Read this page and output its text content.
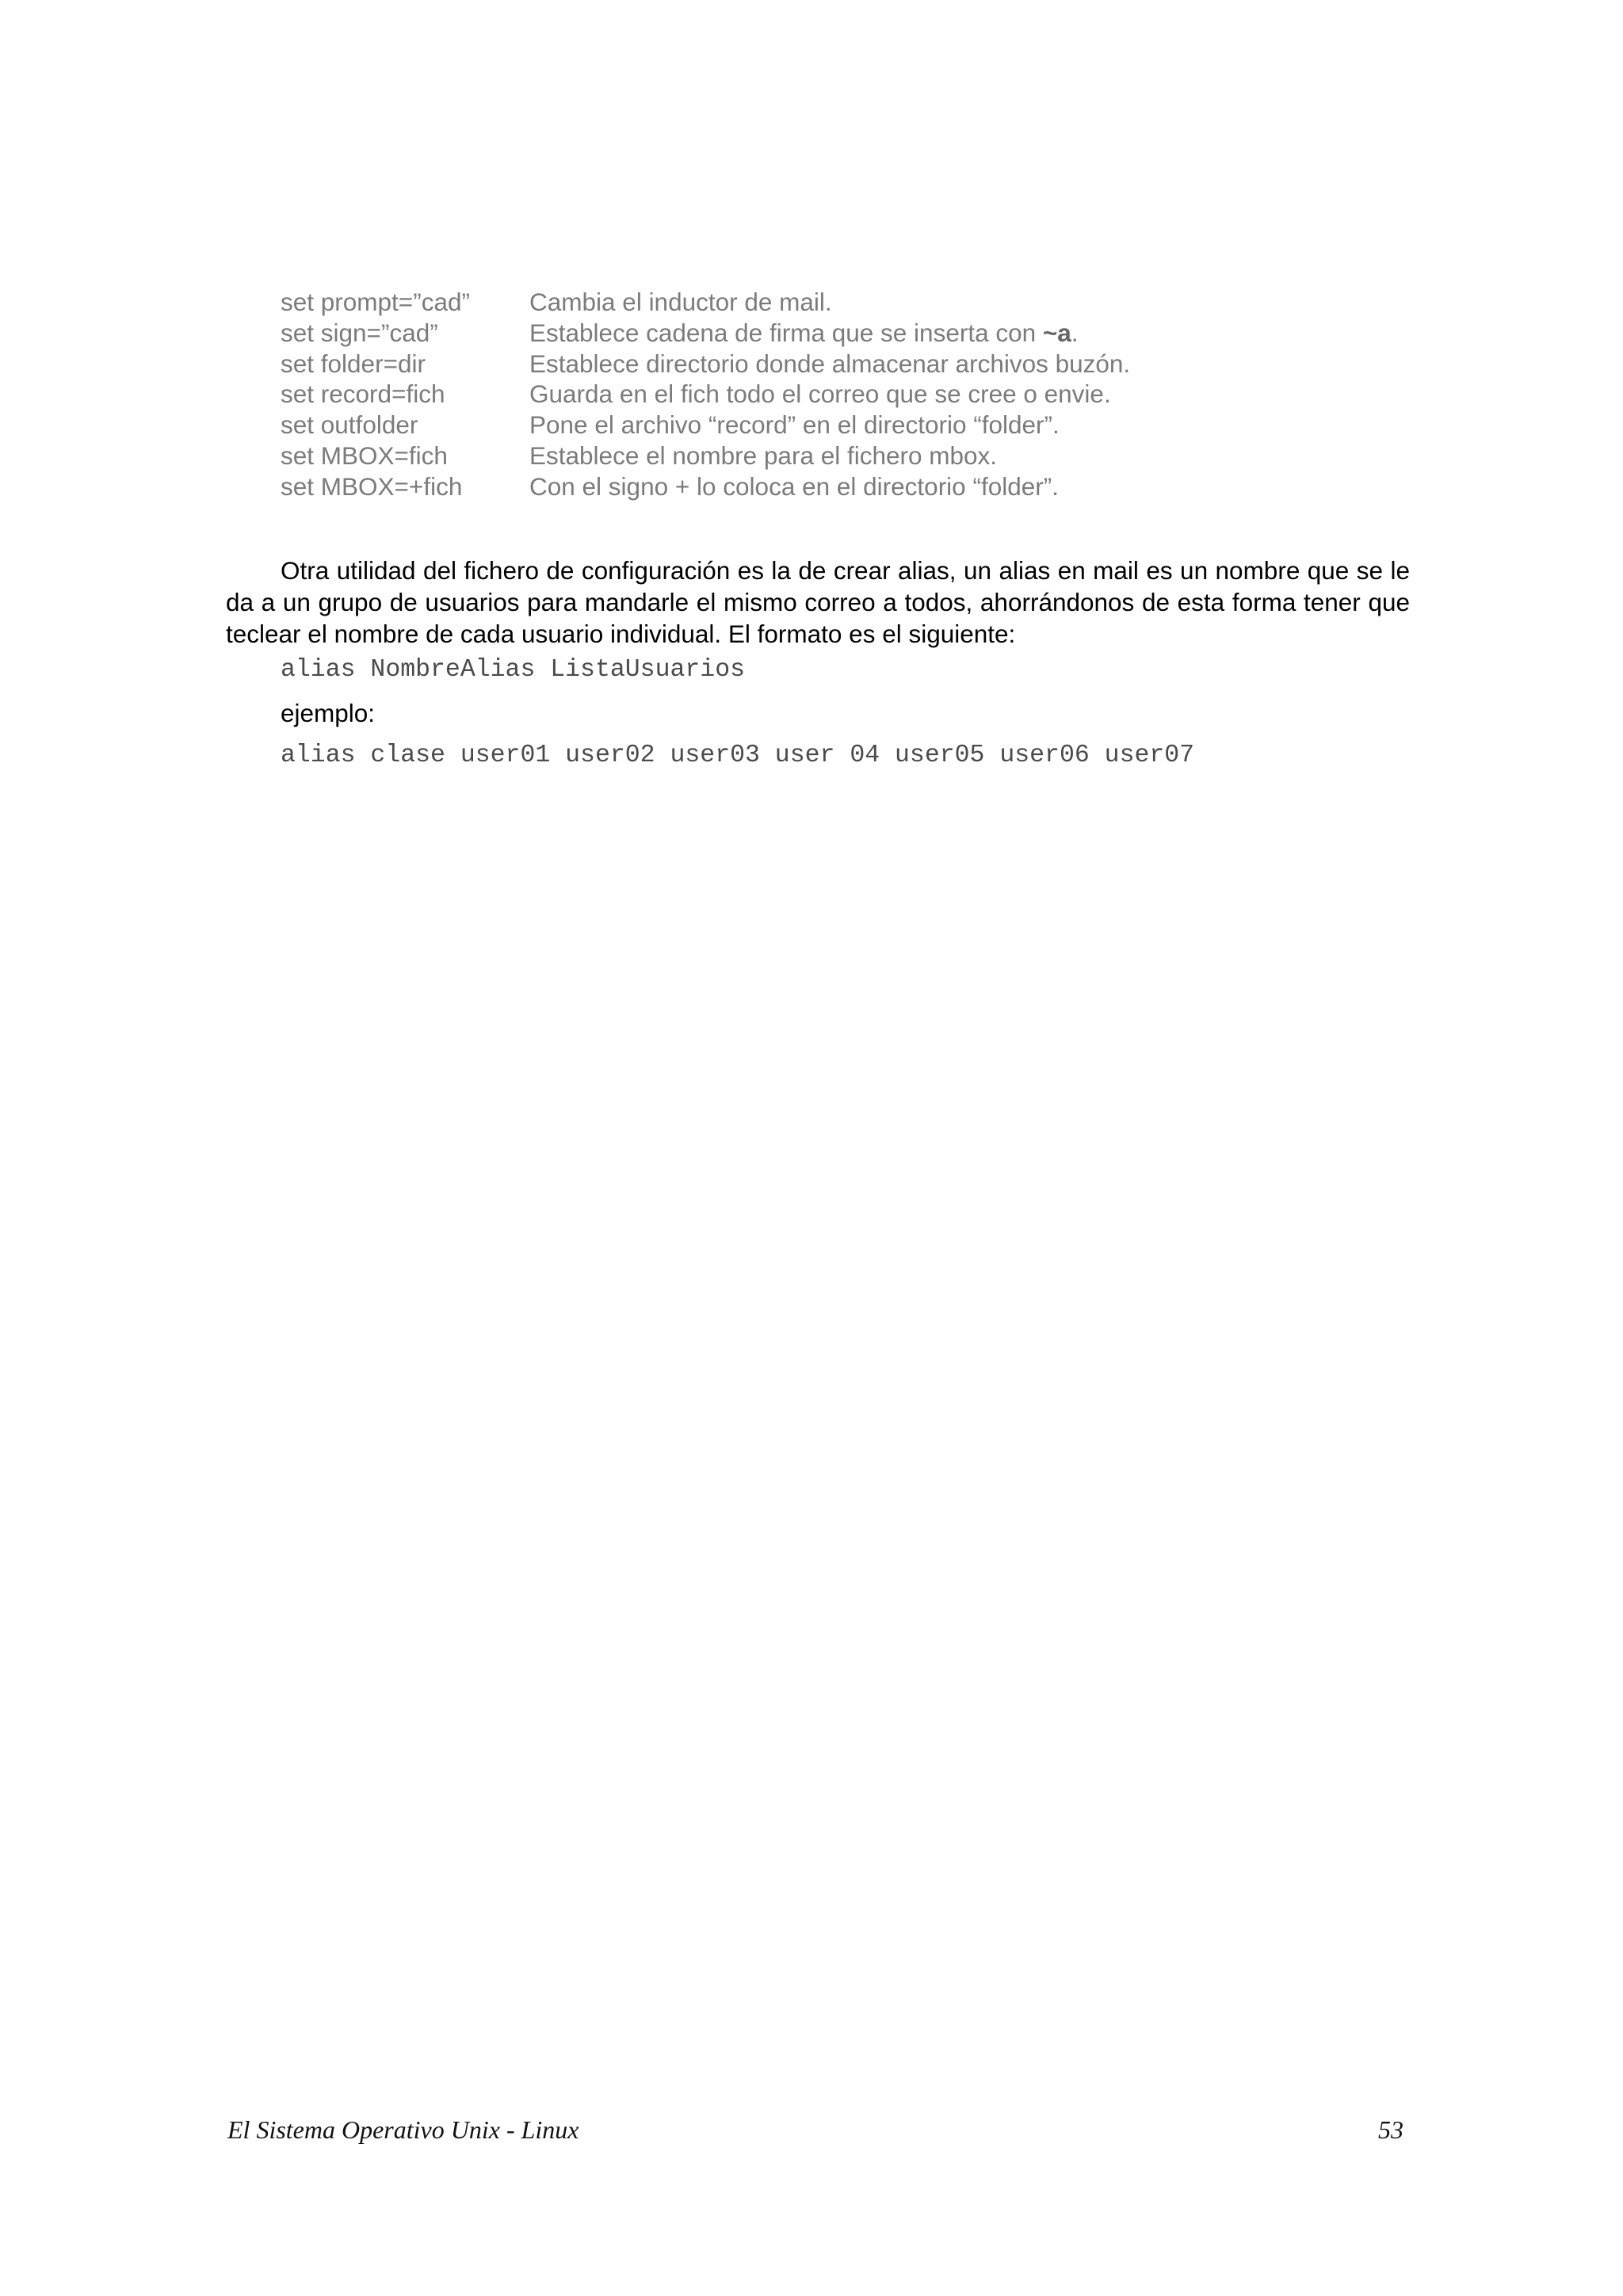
set prompt=”cad”	Cambia el inductor de mail.
set sign=”cad”	Establece cadena de firma que se inserta con ~a.
set folder=dir	Establece directorio donde almacenar archivos buzón.
set record=fich	Guarda en el fich todo el correo que se cree o envie.
set outfolder	Pone el archivo “record” en el directorio “folder”.
set MBOX=fich	Establece el nombre para el fichero mbox.
set MBOX=+fich	Con el signo + lo coloca en el directorio “folder”.

Otra utilidad del fichero de configuración es la de crear alias, un alias en mail es un nombre que se le da a un grupo de usuarios para mandarle el mismo correo a todos, ahorrándonos de esta forma tener que teclear el nombre de cada usuario individual. El formato es el siguiente:

alias NombreAlias ListaUsuarios

ejemplo:

alias clase user01 user02 user03 user 04 user05 user06 user07
El Sistema Operativo Unix - Linux	53
